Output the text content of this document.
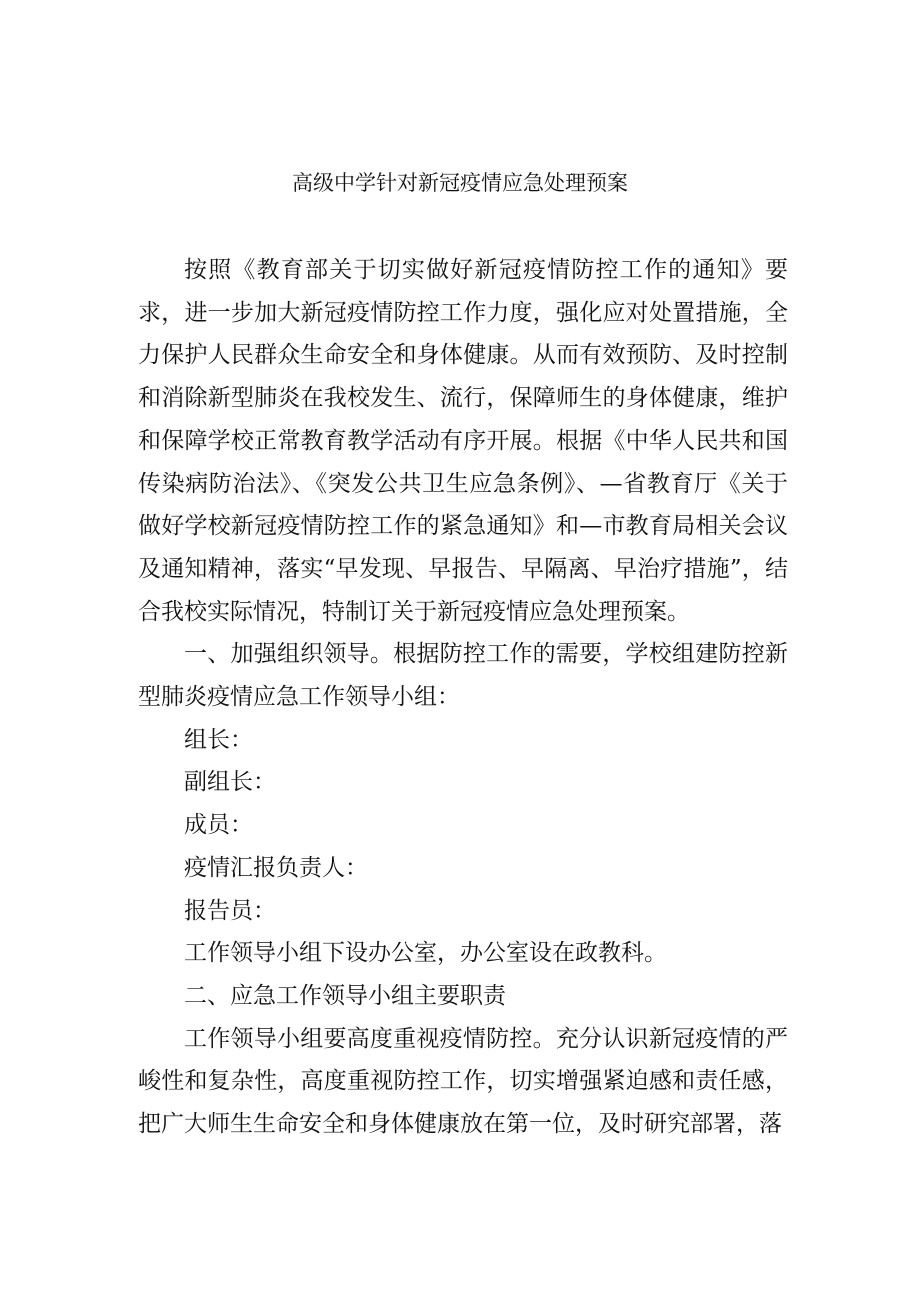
高级中学针对新冠疫情应急处理预案

按照《教育部关于切实做好新冠疫情防控工作的通知》要求，进一步加大新冠疫情防控工作力度，强化应对处置措施，全力保护人民群众生命安全和身体健康。从而有效预防、及时控制和消除新型肺炎在我校发生、流行，保障师生的身体健康，维护和保障学校正常教育教学活动有序开展。根据《中华人民共和国传染病防治法》、《突发公共卫生应急条例》、—省教育厅《关于做好学校新冠疫情防控工作的紧急通知》和—市教育局相关会议及通知精神，落实“早发现、早报告、早隔离、早治疗措施”，结合我校实际情况，特制订关于新冠疫情应急处理预案。

一、加强组织领导。根据防控工作的需要，学校组建防控新型肺炎疫情应急工作领导小组：

组长：

副组长：

成员：

疫情汇报负责人：

报告员：

工作领导小组下设办公室，办公室设在政教科。

二、应急工作领导小组主要职责

工作领导小组要高度重视疫情防控。充分认识新冠疫情的严峻性和复杂性，高度重视防控工作，切实增强紧迫感和责任感，把广大师生生命安全和身体健康放在第一位，及时研究部署，落
